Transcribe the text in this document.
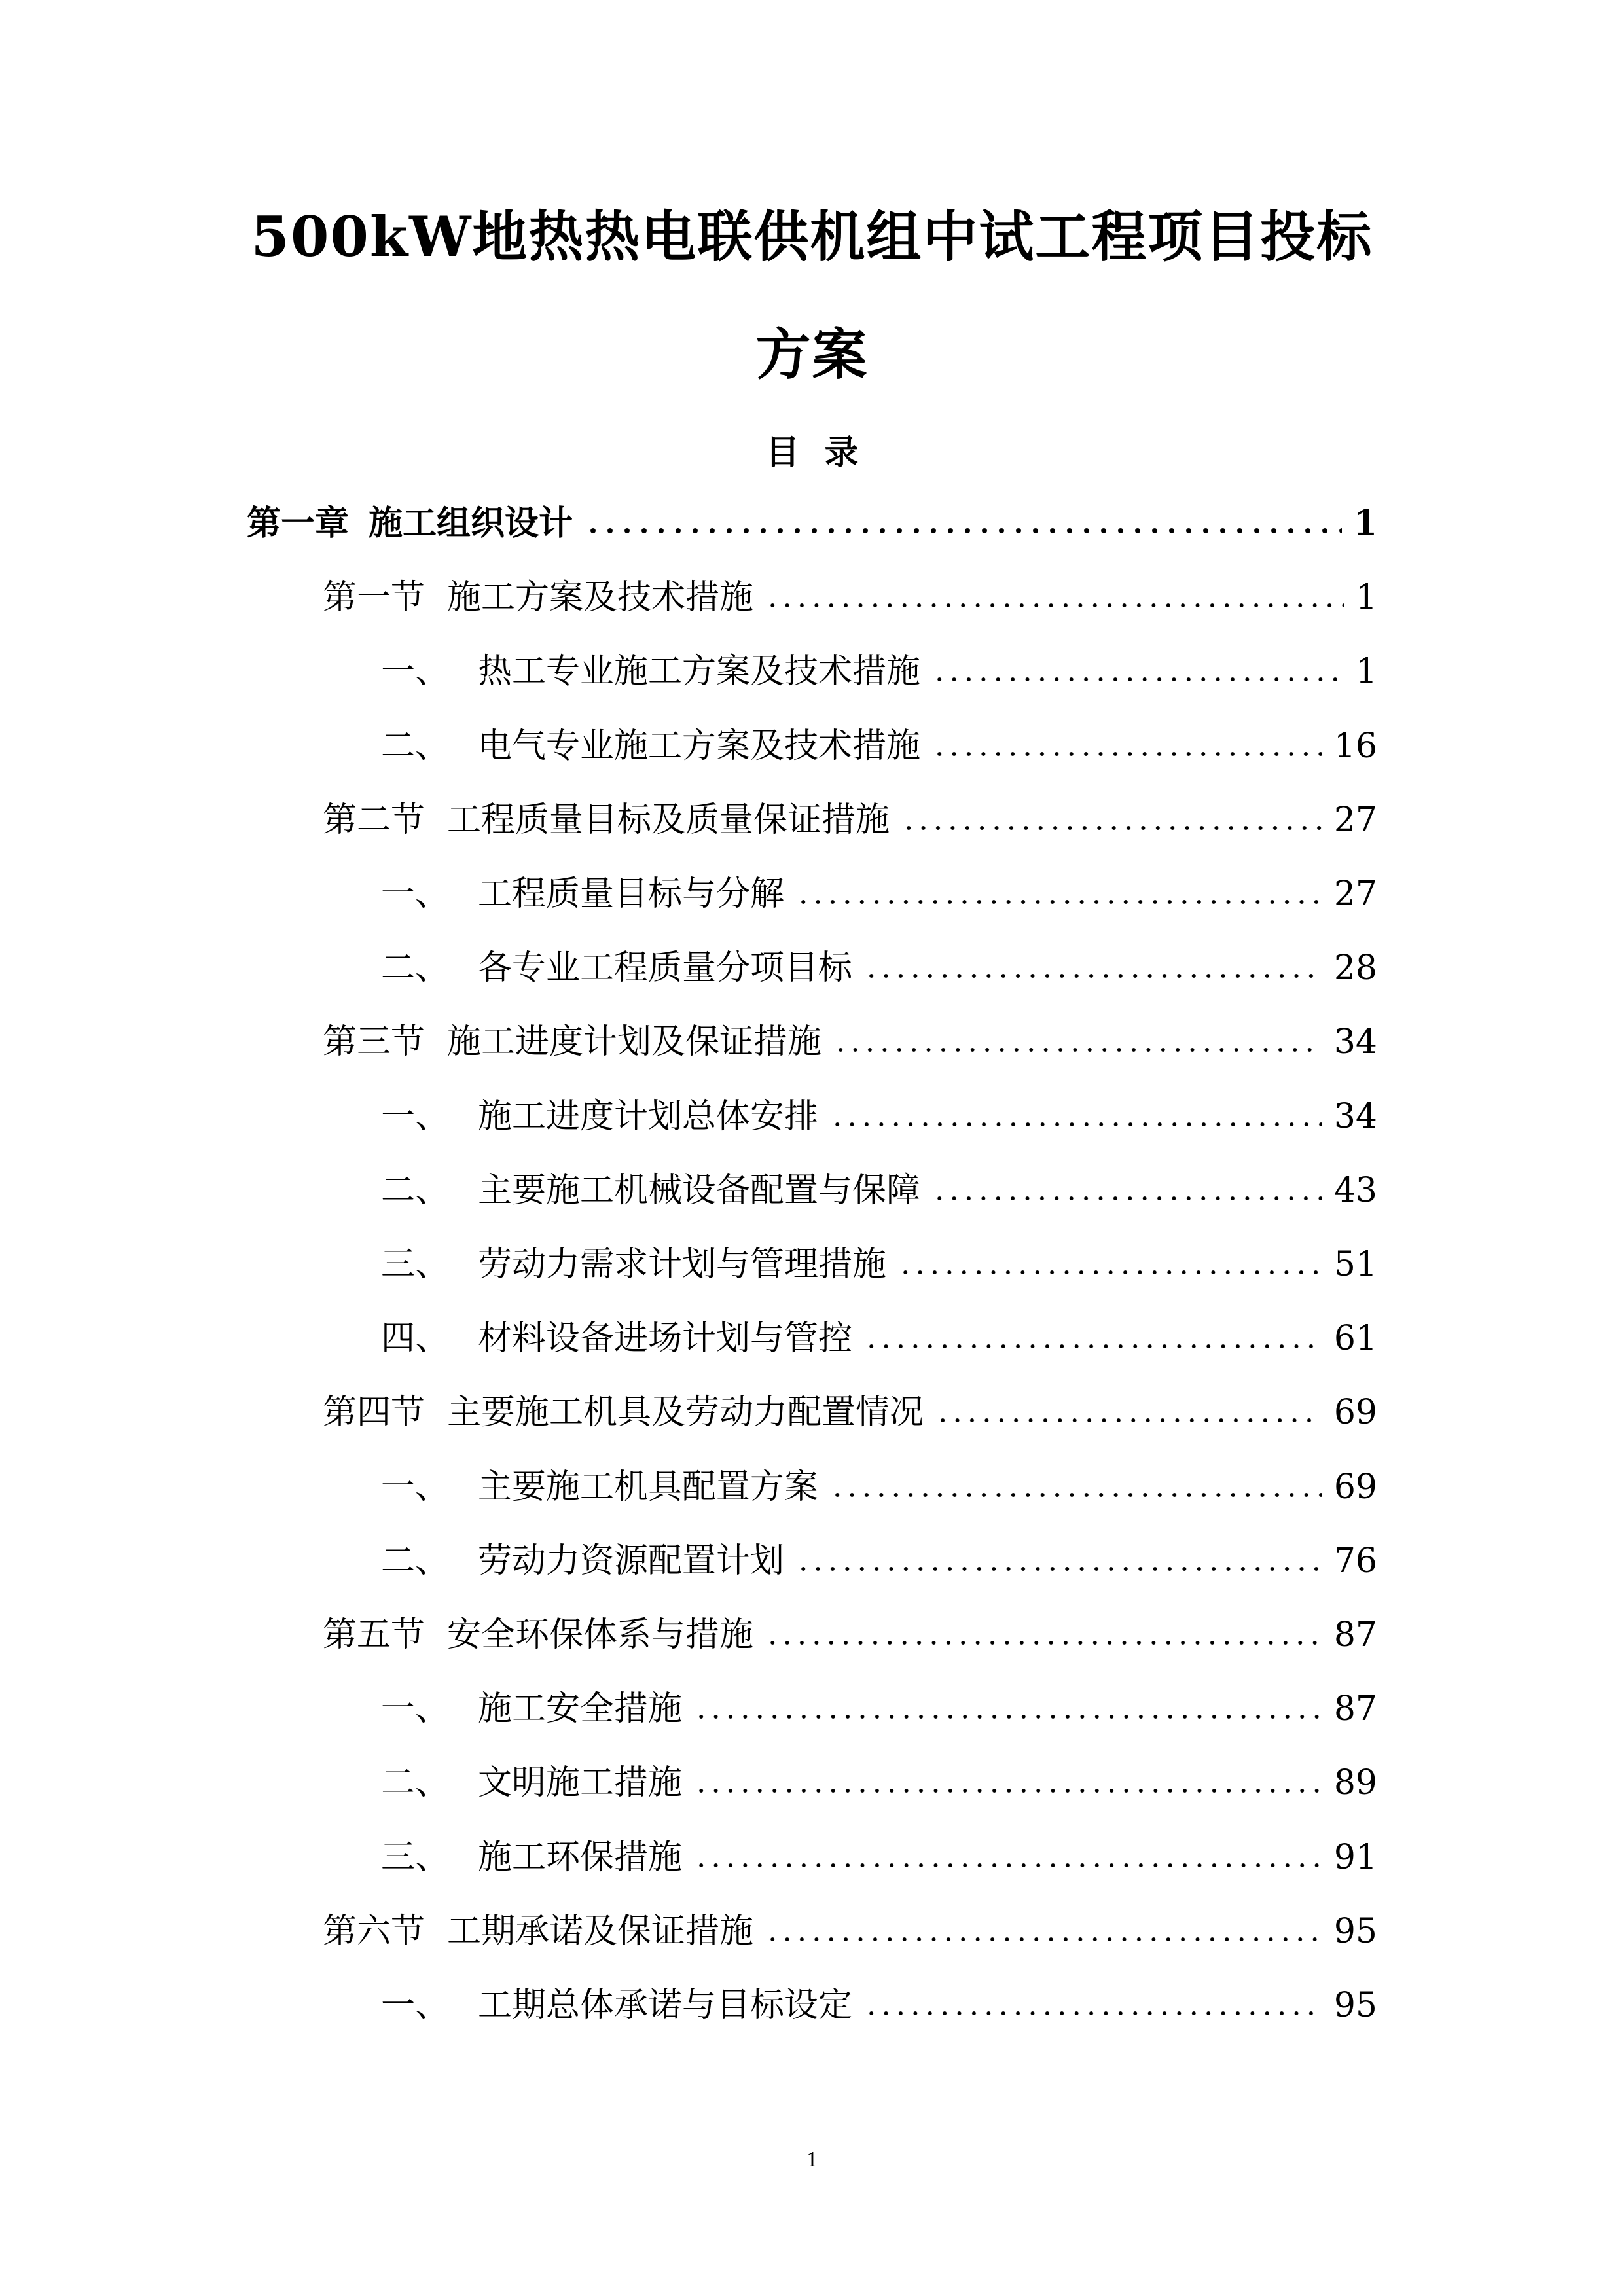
500kW地热热电联供机组中试工程项目投标
方案
目 录
第一章 施工组织设计	1
第一节 施工方案及技术措施	1
一、 热工专业施工方案及技术措施	1
二、 电气专业施工方案及技术措施	16
第二节 工程质量目标及质量保证措施	27
一、 工程质量目标与分解	27
二、 各专业工程质量分项目标	28
第三节 施工进度计划及保证措施	34
一、 施工进度计划总体安排	34
二、 主要施工机械设备配置与保障	43
三、 劳动力需求计划与管理措施	51
四、 材料设备进场计划与管控	61
第四节 主要施工机具及劳动力配置情况	69
一、 主要施工机具配置方案	69
二、 劳动力资源配置计划	76
第五节 安全环保体系与措施	87
一、 施工安全措施	87
二、 文明施工措施	89
三、 施工环保措施	91
第六节 工期承诺及保证措施	95
一、 工期总体承诺与目标设定	95
1
